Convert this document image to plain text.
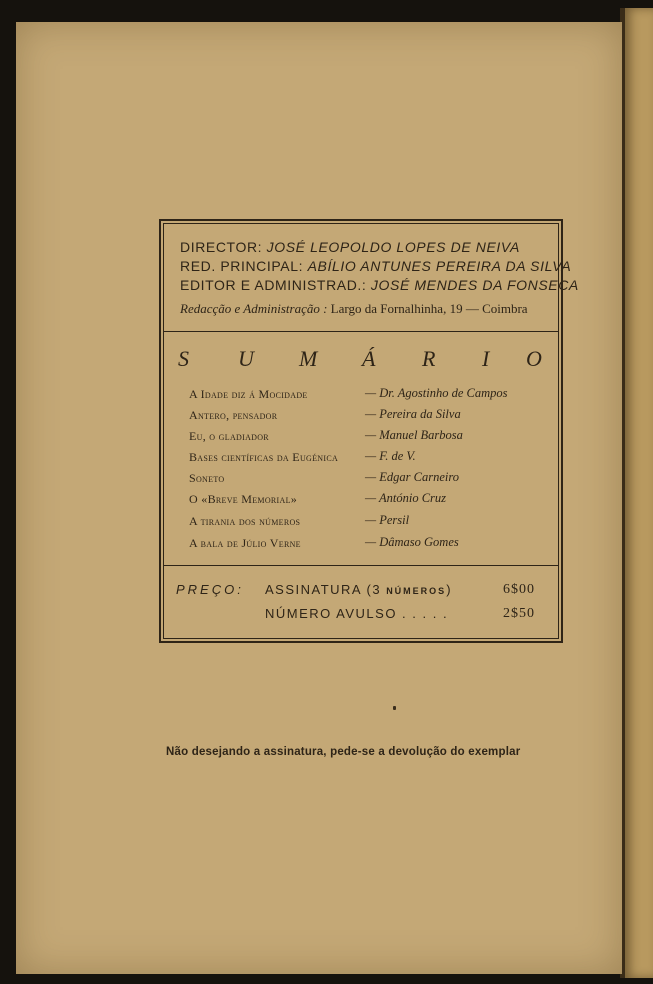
DIRECTOR: JOSÉ LEOPOLDO LOPES DE NEIVA
RED. PRINCIPAL: ABÍLIO ANTUNES PEREIRA DA SILVA
EDITOR E ADMINISTRAD.: JOSÉ MENDES DA FONSECA
Redacção e Administração : Largo da Fornalhinha, 19 — Coimbra
S U M Á R I O
A Idade diz á Mocidade	— Dr. Agostinho de Campos
Antero, pensador	— Pereira da Silva
Eu, o gladiador	— Manuel Barbosa
Bases científicas da Eugénica — F. de V.
Soneto	— Edgar Carneiro
O «Breve Memorial»	— António Cruz
A tirania dos números	— Persil
A bala de Júlio Verne	— Dâmaso Gomes
PREÇO: ASSINATURA (3 NÚMEROS)	6$00
NÚMERO AVULSO . . . . .	2$50
Não desejando a assinatura, pede-se a devolução do exemplar
